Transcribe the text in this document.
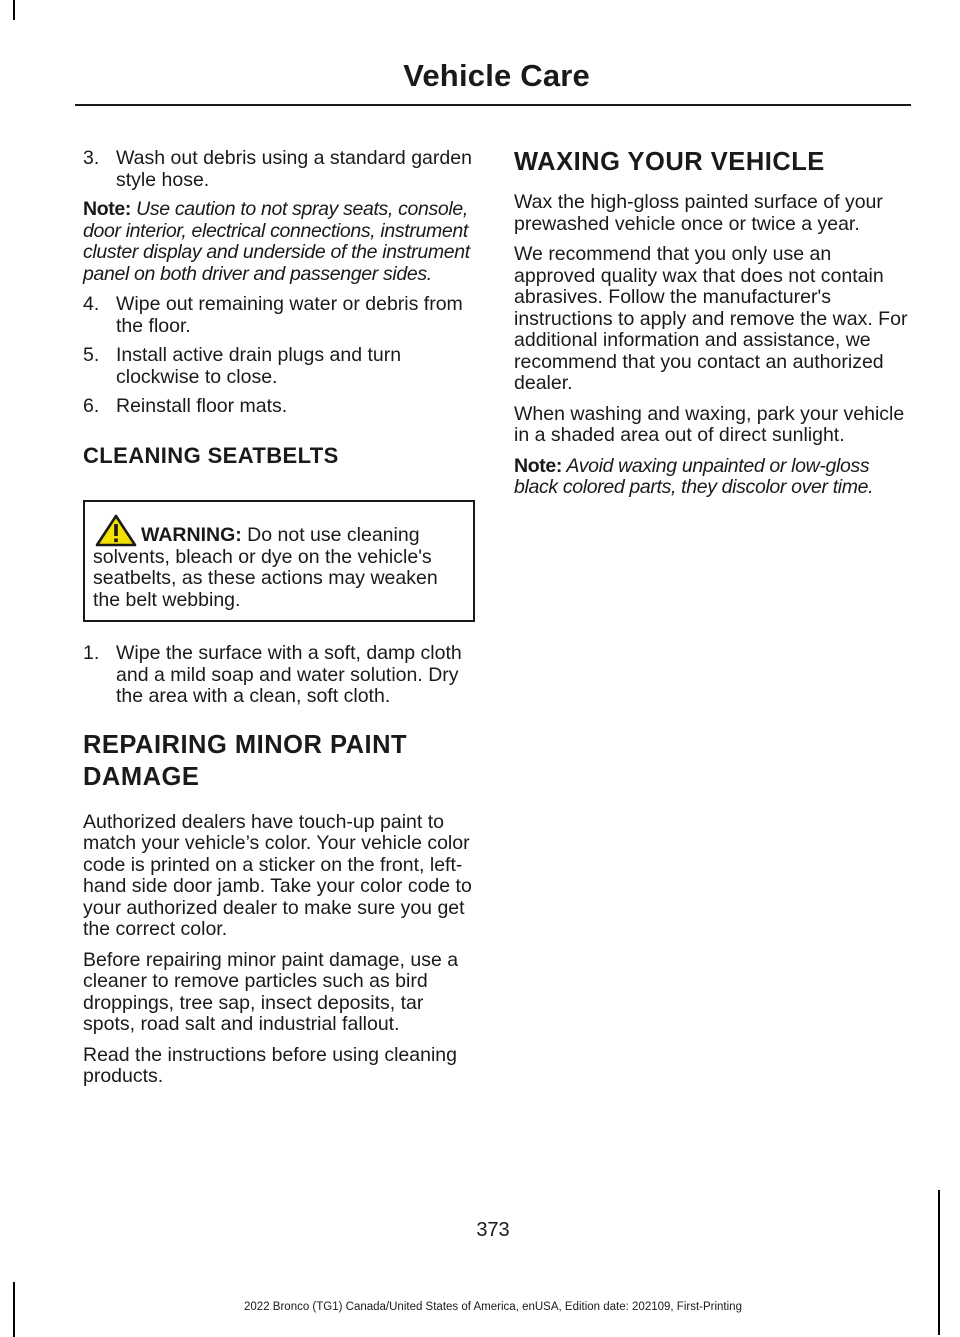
Vehicle Care
3. Wash out debris using a standard garden style hose.

Note: Use caution to not spray seats, console, door interior, electrical connections, instrument cluster display and underside of the instrument panel on both driver and passenger sides.

4. Wipe out remaining water or debris from the floor.
5. Install active drain plugs and turn clockwise to close.
6. Reinstall floor mats.
CLEANING SEATBELTS
WARNING: Do not use cleaning solvents, bleach or dye on the vehicle's seatbelts, as these actions may weaken the belt webbing.
1. Wipe the surface with a soft, damp cloth and a mild soap and water solution. Dry the area with a clean, soft cloth.
REPAIRING MINOR PAINT
DAMAGE

Authorized dealers have touch-up paint to match your vehicle’s color. Your vehicle color code is printed on a sticker on the front, left-hand side door jamb. Take your color code to your authorized dealer to make sure you get the correct color.

Before repairing minor paint damage, use a cleaner to remove particles such as bird droppings, tree sap, insect deposits, tar spots, road salt and industrial fallout.

Read the instructions before using cleaning products.

WAXING YOUR VEHICLE

Wax the high-gloss painted surface of your prewashed vehicle once or twice a year.

We recommend that you only use an approved quality wax that does not contain abrasives. Follow the manufacturer's instructions to apply and remove the wax. For additional information and assistance, we recommend that you contact an authorized dealer.

When washing and waxing, park your vehicle in a shaded area out of direct sunlight.

Note: Avoid waxing unpainted or low-gloss black colored parts, they discolor over time.

373
2022 Bronco (TG1) Canada/United States of America, enUSA, Edition date: 202109, First-Printing
